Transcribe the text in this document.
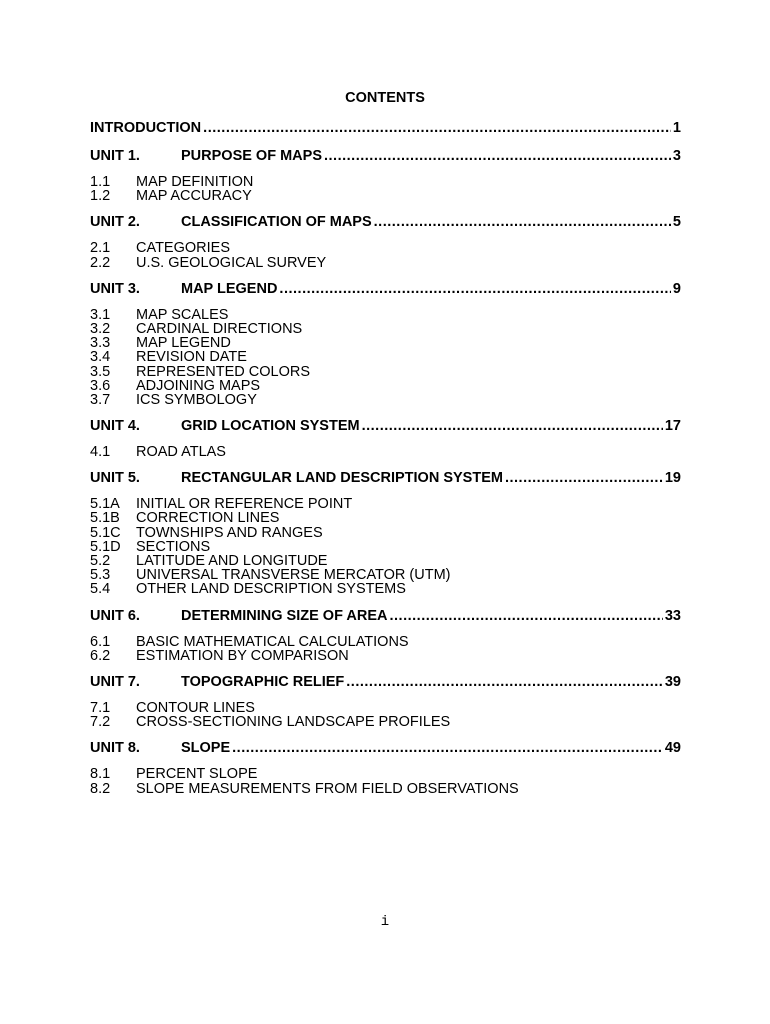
CONTENTS
INTRODUCTION .....	1
UNIT 1.	PURPOSE OF MAPS .....	3
1.1 MAP DEFINITION
1.2 MAP ACCURACY
UNIT 2.	CLASSIFICATION OF MAPS .....	5
2.1 CATEGORIES
2.2 U.S. GEOLOGICAL SURVEY
UNIT 3.	MAP LEGEND .....	9
3.1 MAP SCALES
3.2 CARDINAL DIRECTIONS
3.3 MAP LEGEND
3.4 REVISION DATE
3.5 REPRESENTED COLORS
3.6 ADJOINING MAPS
3.7 ICS SYMBOLOGY
UNIT 4.	GRID LOCATION SYSTEM .....	17
4.1 ROAD ATLAS
UNIT 5.	RECTANGULAR LAND DESCRIPTION SYSTEM .....	19
5.1A INITIAL OR REFERENCE POINT
5.1B CORRECTION LINES
5.1C TOWNSHIPS AND RANGES
5.1D SECTIONS
5.2 LATITUDE AND LONGITUDE
5.3 UNIVERSAL TRANSVERSE MERCATOR (UTM)
5.4 OTHER LAND DESCRIPTION SYSTEMS
UNIT 6.	DETERMINING SIZE OF AREA .....	33
6.1 BASIC MATHEMATICAL CALCULATIONS
6.2 ESTIMATION BY COMPARISON
UNIT 7.	TOPOGRAPHIC RELIEF .....	39
7.1 CONTOUR LINES
7.2 CROSS-SECTIONING LANDSCAPE PROFILES
UNIT 8.	SLOPE .....	49
8.1 PERCENT SLOPE
8.2 SLOPE MEASUREMENTS FROM FIELD OBSERVATIONS
i
